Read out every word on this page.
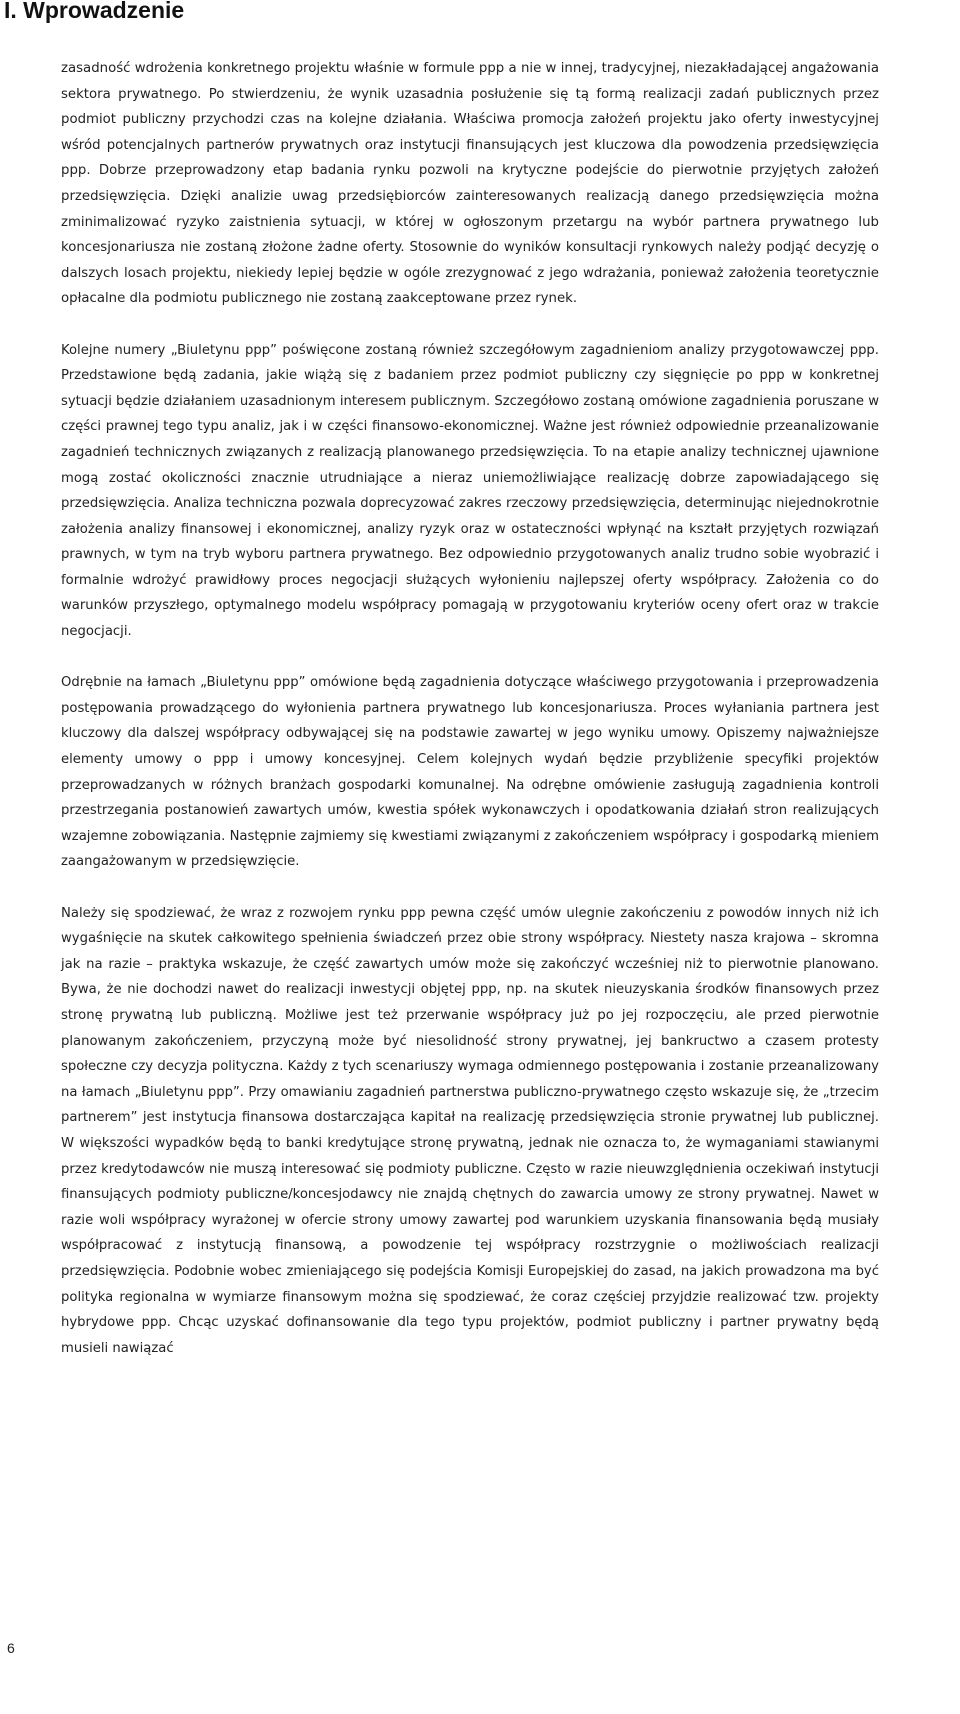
I. Wprowadzenie

zasadność wdrożenia konkretnego projektu właśnie w formule ppp a nie w innej, tradycyjnej, niezakładającej angażowania sektora prywatnego. Po stwierdzeniu, że wynik uzasadnia posłużenie się tą formą realizacji zadań publicznych przez podmiot publiczny przychodzi czas na kolejne działania. Właściwa promocja założeń projektu jako oferty inwestycyjnej wśród potencjalnych partnerów prywatnych oraz instytucji finansujących jest kluczowa dla powodzenia przedsięwzięcia ppp. Dobrze przeprowadzony etap badania rynku pozwoli na krytyczne podejście do pierwotnie przyjętych założeń przedsięwzięcia. Dzięki analizie uwag przedsiębiorców zainteresowanych realizacją danego przedsięwzięcia można zminimalizować ryzyko zaistnienia sytuacji, w której w ogłoszonym przetargu na wybór partnera prywatnego lub koncesjonariusza nie zostaną złożone żadne oferty. Stosownie do wyników konsultacji rynkowych należy podjąć decyzję o dalszych losach projektu, niekiedy lepiej będzie w ogóle zrezygnować z jego wdrażania, ponieważ założenia teoretycznie opłacalne dla podmiotu publicznego nie zostaną zaakceptowane przez rynek.

Kolejne numery „Biuletynu ppp” poświęcone zostaną również szczegółowym zagadnieniom analizy przygotowawczej ppp. Przedstawione będą zadania, jakie wiążą się z badaniem przez podmiot publiczny czy sięgnięcie po ppp w konkretnej sytuacji będzie działaniem uzasadnionym interesem publicznym. Szczegółowo zostaną omówione zagadnienia poruszane w części prawnej tego typu analiz, jak i w części finansowo-ekonomicznej. Ważne jest również odpowiednie przeanalizowanie zagadnień technicznych związanych z realizacją planowanego przedsięwzięcia. To na etapie analizy technicznej ujawnione mogą zostać okoliczności znacznie utrudniające a nieraz uniemożliwiające realizację dobrze zapowiadającego się przedsięwzięcia. Analiza techniczna pozwala doprecyzować zakres rzeczowy przedsięwzięcia, determinując niejednokrotnie założenia analizy finansowej i ekonomicznej, analizy ryzyk oraz w ostateczności wpłynąć na kształt przyjętych rozwiązań prawnych, w tym na tryb wyboru partnera prywatnego. Bez odpowiednio przygotowanych analiz trudno sobie wyobrazić i formalnie wdrożyć prawidłowy proces negocjacji służących wyłonieniu najlepszej oferty współpracy. Założenia co do warunków przyszłego, optymalnego modelu współpracy pomagają w przygotowaniu kryteriów oceny ofert oraz w trakcie negocjacji.

Odrębnie na łamach „Biuletynu ppp” omówione będą zagadnienia dotyczące właściwego przygotowania i przeprowadzenia postępowania prowadzącego do wyłonienia partnera prywatnego lub koncesjonariusza. Proces wyłaniania partnera jest kluczowy dla dalszej współpracy odbywającej się na podstawie zawartej w jego wyniku umowy. Opiszemy najważniejsze elementy umowy o ppp i umowy koncesyjnej. Celem kolejnych wydań będzie przybliżenie specyfiki projektów przeprowadzanych w różnych branżach gospodarki komunalnej. Na odrębne omówienie zasługują zagadnienia kontroli przestrzegania postanowień zawartych umów, kwestia spółek wykonawczych i opodatkowania działań stron realizujących wzajemne zobowiązania. Następnie zajmiemy się kwestiami związanymi z zakończeniem współpracy i gospodarką mieniem zaangażowanym w przedsięwzięcie.

Należy się spodziewać, że wraz z rozwojem rynku ppp pewna część umów ulegnie zakończeniu z powodów innych niż ich wygaśnięcie na skutek całkowitego spełnienia świadczeń przez obie strony współpracy. Niestety nasza krajowa – skromna jak na razie – praktyka wskazuje, że część zawartych umów może się zakończyć wcześniej niż to pierwotnie planowano. Bywa, że nie dochodzi nawet do realizacji inwestycji objętej ppp, np. na skutek nieuzyskania środków finansowych przez stronę prywatną lub publiczną. Możliwe jest też przerwanie współpracy już po jej rozpoczęciu, ale przed pierwotnie planowanym zakończeniem, przyczyną może być niesolidność strony prywatnej, jej bankructwo a czasem protesty społeczne czy decyzja polityczna. Każdy z tych scenariuszy wymaga odmiennego postępowania i zostanie przeanalizowany na łamach „Biuletynu ppp”. Przy omawianiu zagadnień partnerstwa publiczno-prywatnego często wskazuje się, że „trzecim partnerem” jest instytucja finansowa dostarczająca kapitał na realizację przedsięwzięcia stronie prywatnej lub publicznej. W większości wypadków będą to banki kredytujące stronę prywatną, jednak nie oznacza to, że wymaganiami stawianymi przez kredytodawców nie muszą interesować się podmioty publiczne. Często w razie nieuwzględnienia oczekiwań instytucji finansujących podmioty publiczne/koncesjodawcy nie znajdą chętnych do zawarcia umowy ze strony prywatnej. Nawet w razie woli współpracy wyrażonej w ofercie strony umowy zawartej pod warunkiem uzyskania finansowania będą musiały współpracować z instytucją finansową, a powodzenie tej współpracy rozstrzygnie o możliwościach realizacji przedsięwzięcia. Podobnie wobec zmieniającego się podejścia Komisji Europejskiej do zasad, na jakich prowadzona ma być polityka regionalna w wymiarze finansowym można się spodziewać, że coraz częściej przyjdzie realizować tzw. projekty hybrydowe ppp. Chcąc uzyskać dofinansowanie dla tego typu projektów, podmiot publiczny i partner prywatny będą musieli nawiązać

6
